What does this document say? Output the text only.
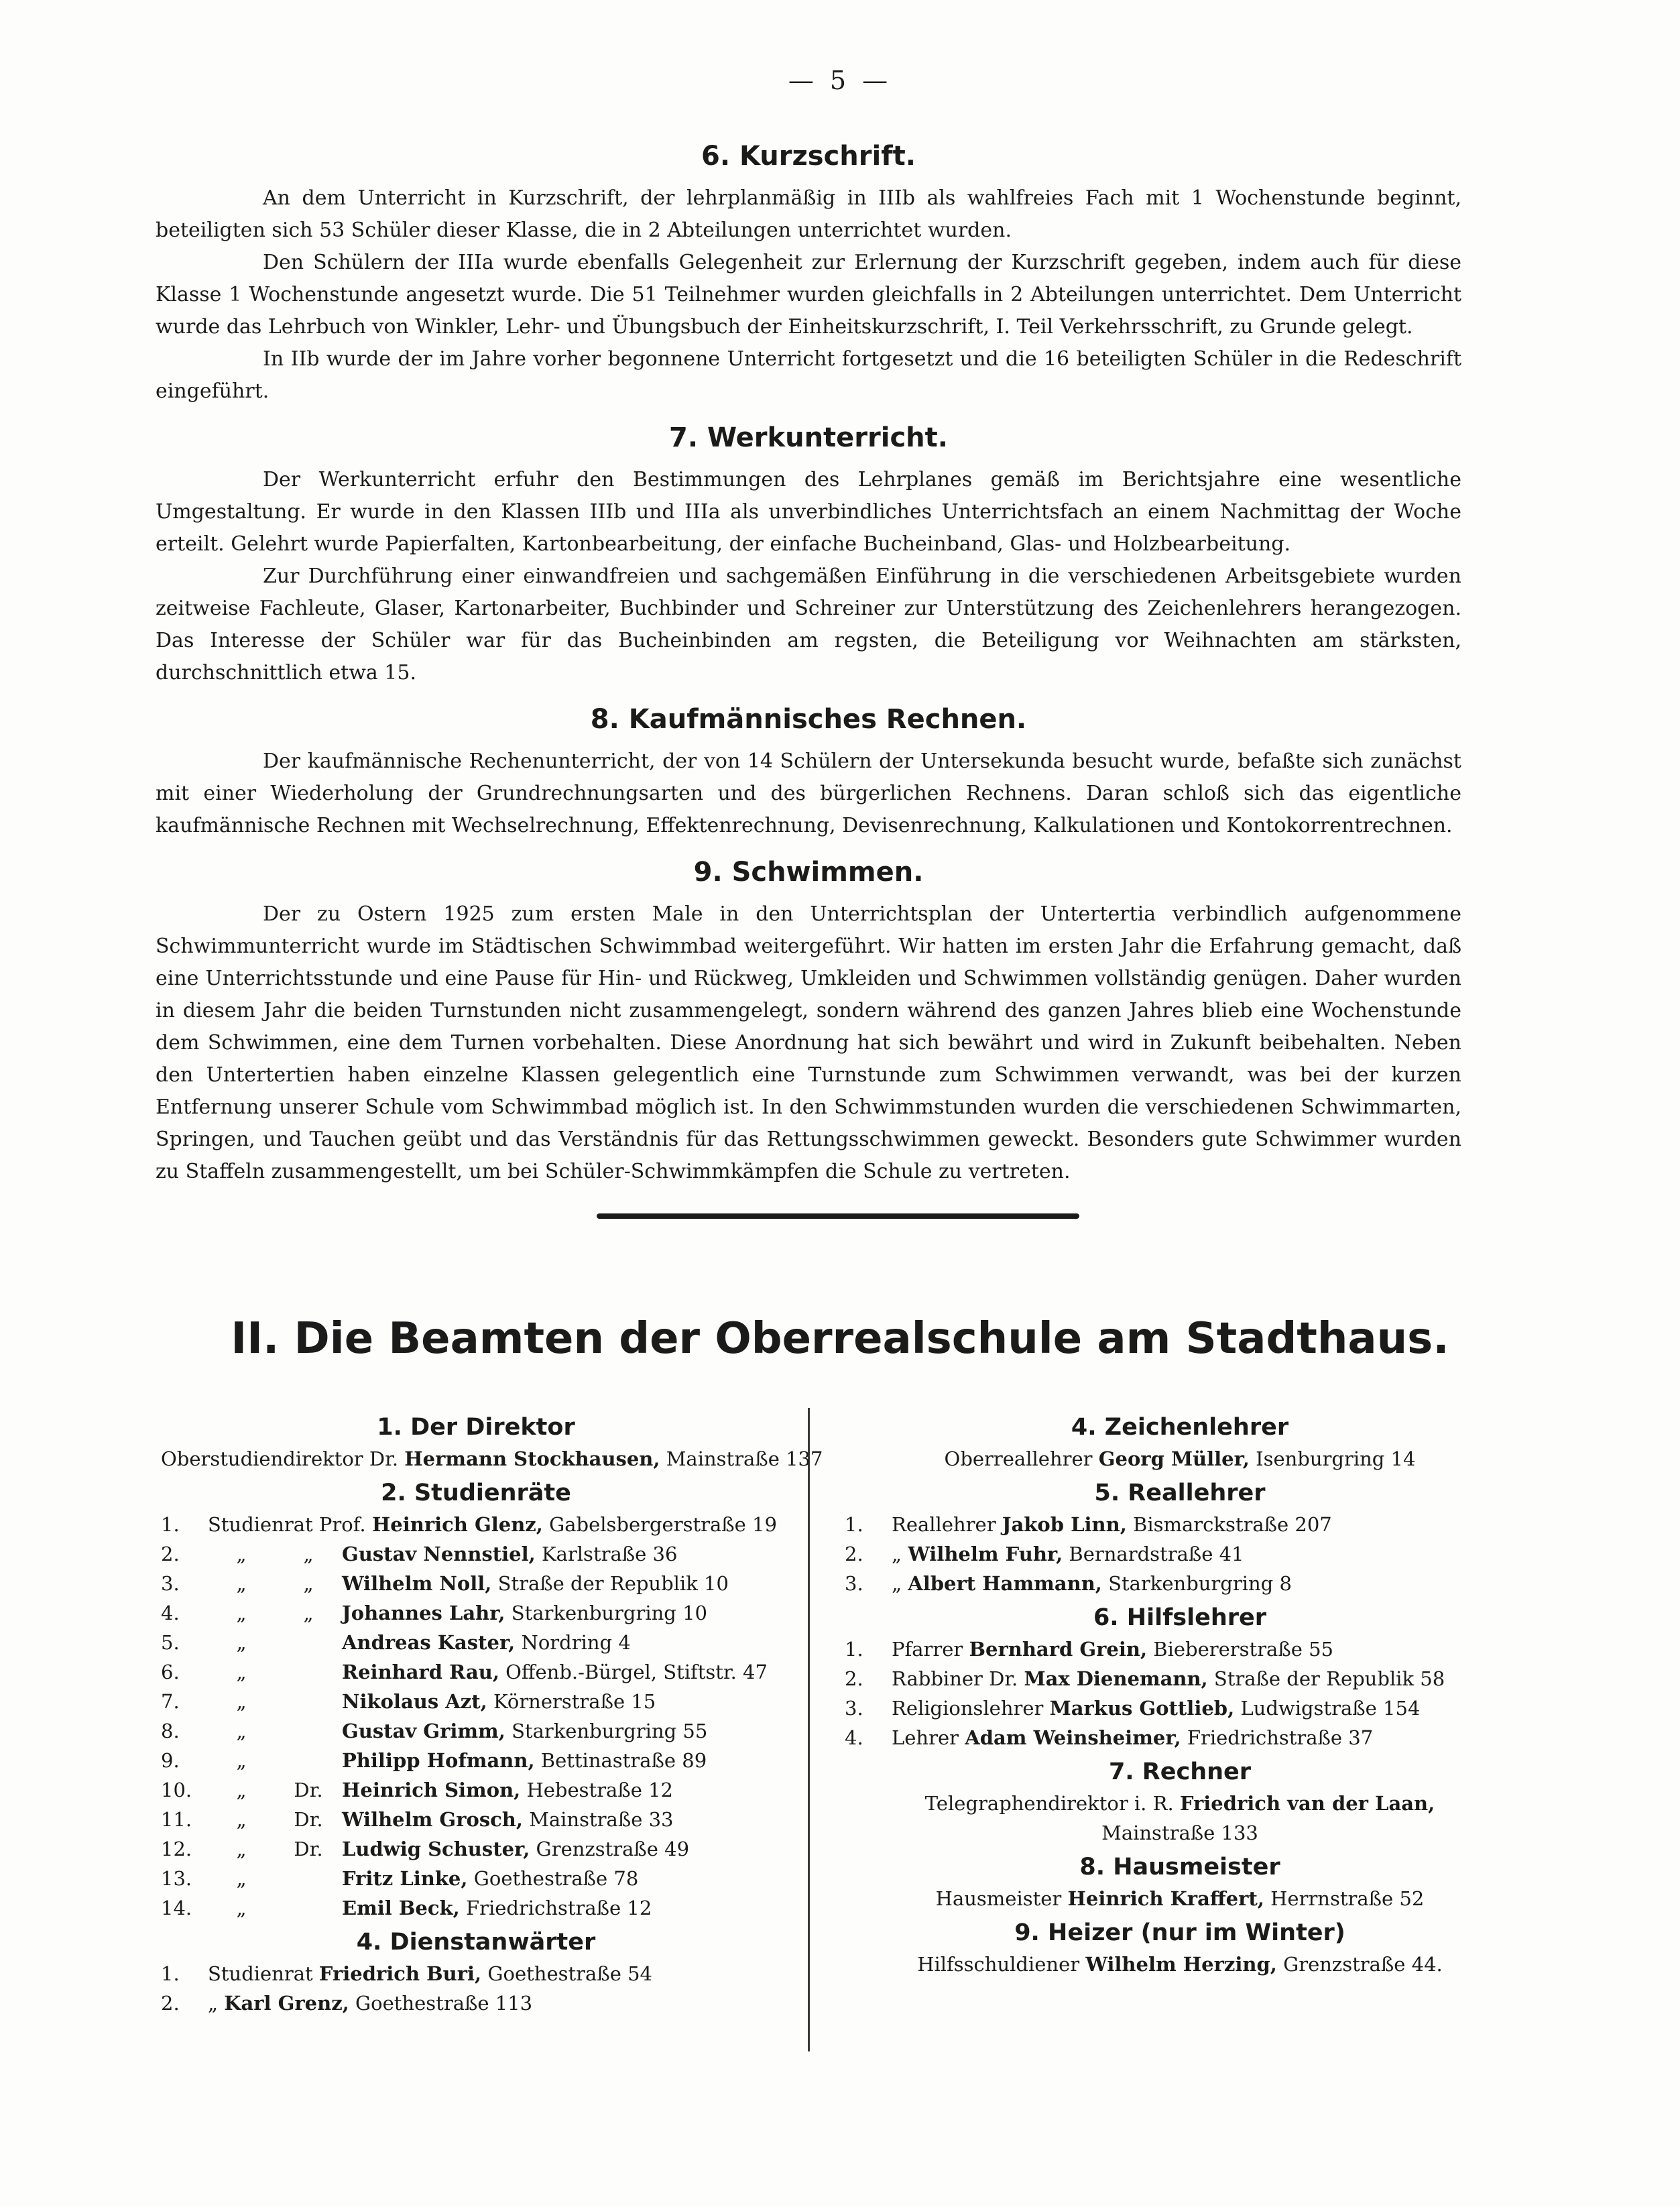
— 5 —
6. Kurzschrift.

An dem Unterricht in Kurzschrift, der lehrplanmäßig in IIIb als wahlfreies Fach mit 1 Wochenstunde beginnt, beteiligten sich 53 Schüler dieser Klasse, die in 2 Abteilungen unterrichtet wurden.

Den Schülern der IIIa wurde ebenfalls Gelegenheit zur Erlernung der Kurzschrift gegeben, indem auch für diese Klasse 1 Wochenstunde angesetzt wurde. Die 51 Teilnehmer wurden gleichfalls in 2 Abteilungen unterrichtet. Dem Unterricht wurde das Lehrbuch von Winkler, Lehr- und Übungsbuch der Einheitskurzschrift, I. Teil Verkehrsschrift, zu Grunde gelegt.

In IIb wurde der im Jahre vorher begonnene Unterricht fortgesetzt und die 16 beteiligten Schüler in die Redeschrift eingeführt.

7. Werkunterricht.

Der Werkunterricht erfuhr den Bestimmungen des Lehrplanes gemäß im Berichtsjahre eine wesentliche Umgestaltung. Er wurde in den Klassen IIIb und IIIa als unverbindliches Unterrichtsfach an einem Nachmittag der Woche erteilt. Gelehrt wurde Papierfalten, Kartonbearbeitung, der einfache Bucheinband, Glas- und Holzbearbeitung.

Zur Durchführung einer einwandfreien und sachgemäßen Einführung in die verschiedenen Arbeitsgebiete wurden zeitweise Fachleute, Glaser, Kartonarbeiter, Buchbinder und Schreiner zur Unterstützung des Zeichenlehrers herangezogen. Das Interesse der Schüler war für das Bucheinbinden am regsten, die Beteiligung vor Weihnachten am stärksten, durchschnittlich etwa 15.

8. Kaufmännisches Rechnen.

Der kaufmännische Rechenunterricht, der von 14 Schülern der Untersekunda besucht wurde, befaßte sich zunächst mit einer Wiederholung der Grundrechnungsarten und des bürgerlichen Rechnens. Daran schloß sich das eigentliche kaufmännische Rechnen mit Wechselrechnung, Effektenrechnung, Devisenrechnung, Kalkulationen und Kontokorrentrechnen.

9. Schwimmen.

Der zu Ostern 1925 zum ersten Male in den Unterrichtsplan der Untertertia verbindlich aufgenommene Schwimmunterricht wurde im Städtischen Schwimmbad weitergeführt. Wir hatten im ersten Jahr die Erfahrung gemacht, daß eine Unterrichtsstunde und eine Pause für Hin- und Rückweg, Umkleiden und Schwimmen vollständig genügen. Daher wurden in diesem Jahr die beiden Turnstunden nicht zusammengelegt, sondern während des ganzen Jahres blieb eine Wochenstunde dem Schwimmen, eine dem Turnen vorbehalten. Diese Anordnung hat sich bewährt und wird in Zukunft beibehalten. Neben den Untertertien haben einzelne Klassen gelegentlich eine Turnstunde zum Schwimmen verwandt, was bei der kurzen Entfernung unserer Schule vom Schwimmbad möglich ist. In den Schwimmstunden wurden die verschiedenen Schwimmarten, Springen, und Tauchen geübt und das Verständnis für das Rettungsschwimmen geweckt. Besonders gute Schwimmer wurden zu Staffeln zusammengestellt, um bei Schüler-Schwimmkämpfen die Schule zu vertreten.

II. Die Beamten der Oberrealschule am Stadthaus.
1. Der Direktor
Oberstudiendirektor Dr. Hermann Stockhausen, Mainstraße 137
2. Studienräte
1. Studienrat Prof. Heinrich Glenz, Gabelsbergerstraße 19
2.	„	„ Gustav Nennstiel, Karlstraße 36
3.	„	„ Wilhelm Noll, Straße der Republik 10
4.	„	„ Johannes Lahr, Starkenburgring 10
5.	„	Andreas Kaster, Nordring 4
6.	„	Reinhard Rau, Offenb.-Bürgel, Stiftstr. 47
7.	„	Nikolaus Azt, Körnerstraße 15
8.	„	Gustav Grimm, Starkenburgring 55
9.	„	Philipp Hofmann, Bettinastraße 89
10. „ Dr. Heinrich Simon, Hebestraße 12
11. „ Dr. Wilhelm Grosch, Mainstraße 33
12. „ Dr. Ludwig Schuster, Grenzstraße 49
13. „	Fritz Linke, Goethestraße 78
14. „	Emil Beck, Friedrichstraße 12
4. Dienstanwärter
1. Studienrat Friedrich Buri, Goethestraße 54
2. „ Karl Grenz, Goethestraße 113
4. Zeichenlehrer
Oberreallehrer Georg Müller, Isenburgring 14
5. Reallehrer
1. Reallehrer Jakob Linn, Bismarckstraße 207
2. „ Wilhelm Fuhr, Bernardstraße 41
3. „ Albert Hammann, Starkenburgring 8
6. Hilfslehrer
1. Pfarrer Bernhard Grein, Biebererstraße 55
2. Rabbiner Dr. Max Dienemann, Straße der Republik 58
3. Religionslehrer Markus Gottlieb, Ludwigstraße 154
4. Lehrer Adam Weinsheimer, Friedrichstraße 37
7. Rechner
Telegraphendirektor i. R. Friedrich van der Laan,
Mainstraße 133
8. Hausmeister
Hausmeister Heinrich Kraffert, Herrnstraße 52
9. Heizer (nur im Winter)
Hilfsschuldiener Wilhelm Herzing, Grenzstraße 44.
